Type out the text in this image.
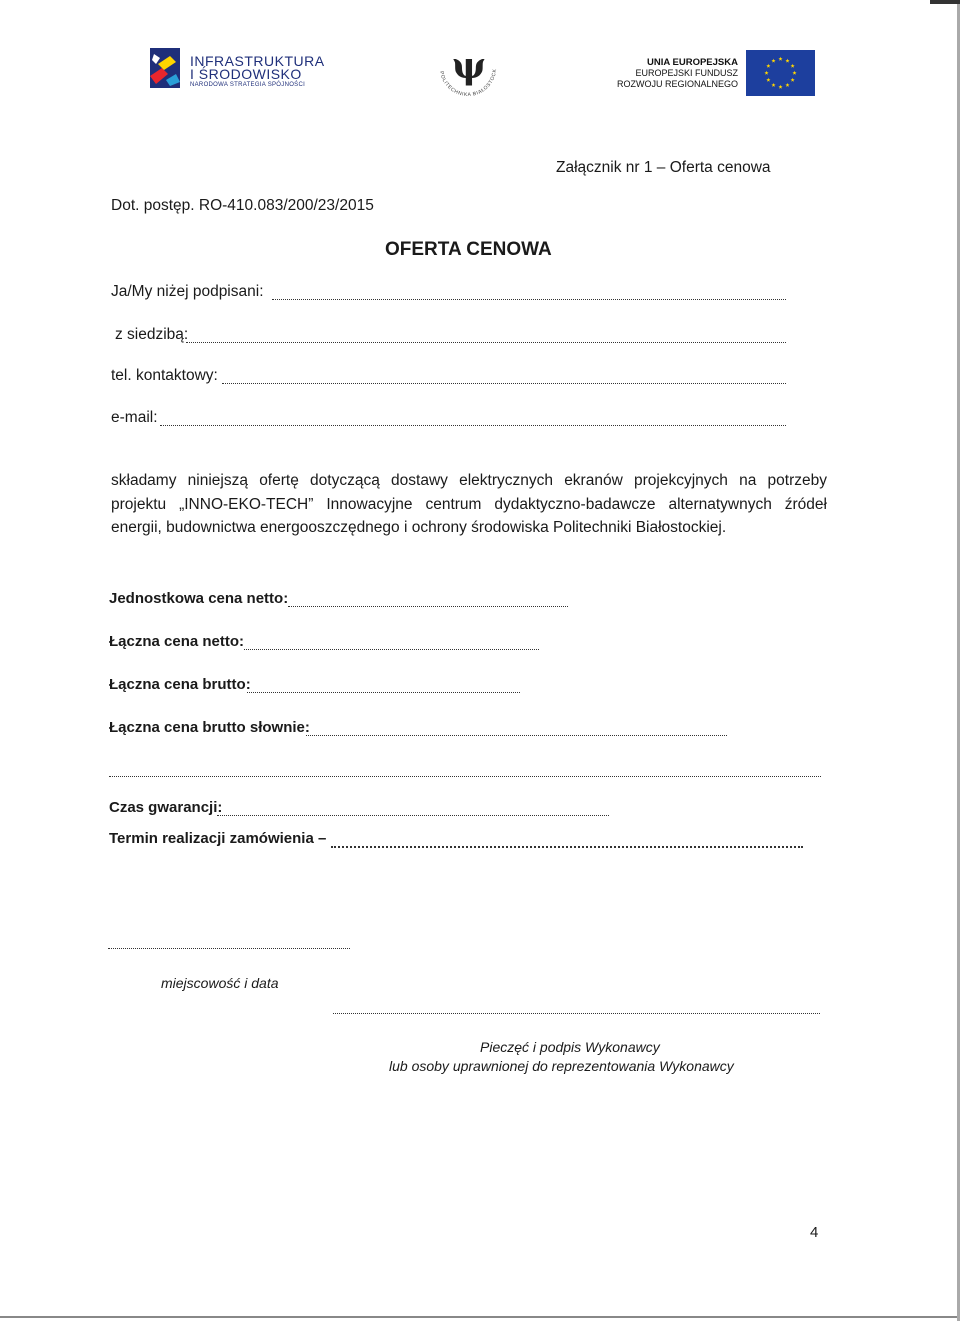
INFRASTRUKTURA
I ŚRODOWISKO
NARODOWA STRATEGIA SPÓJNOŚCI
POLITECHNIKA BIAŁOSTOCK
ψ	UNIA EUROPEJSKA
EUROPEJSKI FUNDUSZ
ROZWOJU REGIONALNEGO
Załącznik nr 1 – Oferta cenowa
Dot. postęp. RO-410.083/200/23/2015
OFERTA CENOWA
Ja/My niżej podpisani:
z siedzibą:
tel. kontaktowy:
e-mail:
składamy niniejszą ofertę dotyczącą dostawy elektrycznych ekranów projekcyjnych na potrzeby
projektu „INNO-EKO-TECH” Innowacyjne centrum dydaktyczno-badawcze alternatywnych źródeł
energii, budownictwa energooszczędnego i ochrony środowiska Politechniki Białostockiej.
Jednostkowa cena netto:
Łączna cena netto:
Łączna cena brutto:
Łączna cena brutto słownie:
Czas gwarancji:
Termin realizacji zamówienia –
miejscowość i data
Pieczęć i podpis Wykonawcy
lub osoby uprawnionej do reprezentowania Wykonawcy
4
